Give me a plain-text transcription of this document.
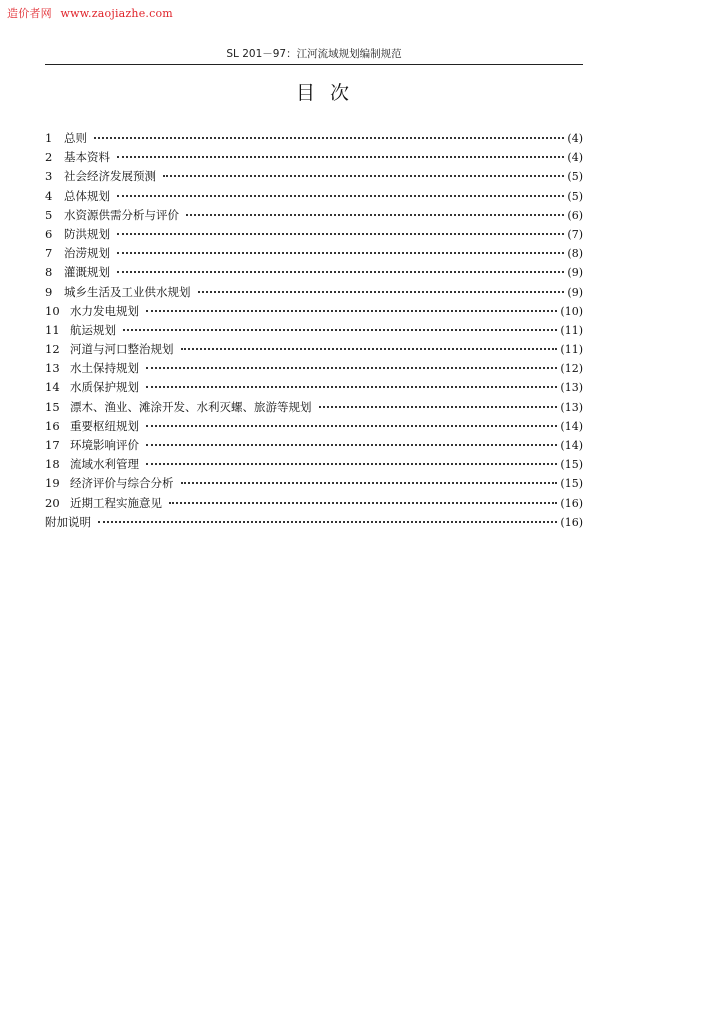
造价者网 www.zaojiazhe.com
SL 201－97：江河流域规划编制规范
目次
1	总则	(4)
2	基本资料	(4)
3	社会经济发展预测	(5)
4	总体规划	(5)
5	水资源供需分析与评价	(6)
6	防洪规划	(7)
7	治涝规划	(8)
8	灌溉规划	(9)
9	城乡生活及工业供水规划	(9)
10 水力发电规划	(10)
11 航运规划	(11)
12 河道与河口整治规划	(11)
13 水土保持规划	(12)
14 水质保护规划	(13)
15 漂木、渔业、滩涂开发、水利灭螺、旅游等规划	(13)
16 重要枢纽规划	(14)
17 环境影响评价	(14)
18 流域水利管理	(15)
19 经济评价与综合分析	(15)
20 近期工程实施意见	(16)
附加说明	(16)
